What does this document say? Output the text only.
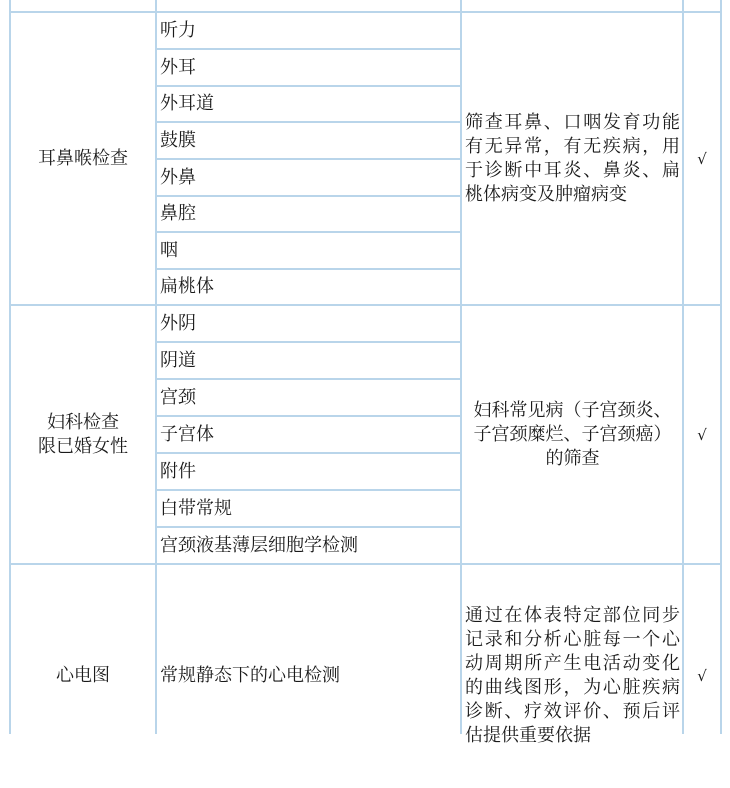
耳鼻喉检查
听力
外耳
外耳道
鼓膜
外鼻
鼻腔
咽
扁桃体
筛查耳鼻、口咽发育功能有无异常，有无疾病，用于诊断中耳炎、鼻炎、扁桃体病变及肿瘤病变
√
妇科检查
限已婚女性
外阴
阴道
宫颈
子宫体
附件
白带常规
宫颈液基薄层细胞学检测
妇科常见病（子宫颈炎、子宫颈糜烂、子宫颈癌）的筛查
√
心电图	常规静态下的心电检测
通过在体表特定部位同步记录和分析心脏每一个心动周期所产生电活动变化的曲线图形，为心脏疾病诊断、疗效评价、预后评估提供重要依据
√
